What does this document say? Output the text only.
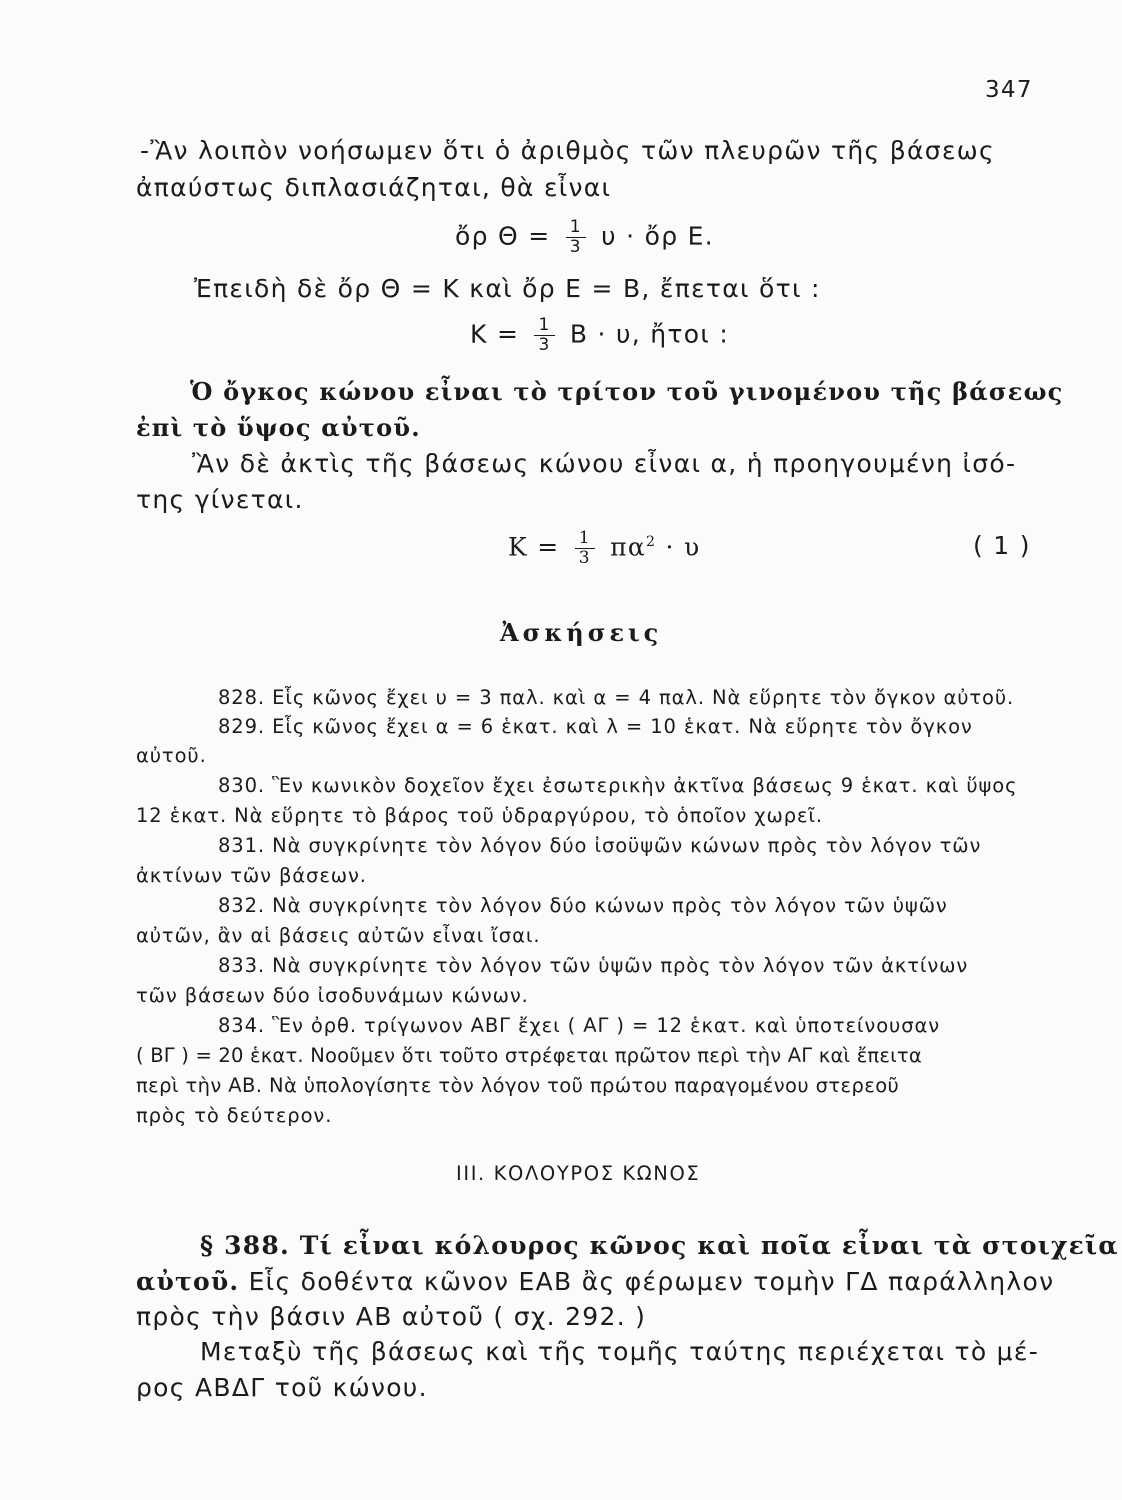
347
-Ἂν λοιπὸν νοήσωμεν ὅτι ὁ ἀριθμὸς τῶν πλευρῶν τῆς βάσεως
ἀπαύστως διπλασιάζηται, θὰ εἶναι
ὄρ $\Theta = \frac{1}{3}$ υ · ὄρ Ε.
Ἐπειδὴ δὲ ὄρ Θ = Κ καὶ ὄρ Ε = Β, ἔπεται ὅτι :
$K = \frac{1}{3}$ Β · υ, ἤτοι :
Ὁ ὄγκος κώνου εἶναι τὸ τρίτον τοῦ γινομένου τῆς βάσεως
ἐπὶ τὸ ὕψος αὐτοῦ.
Ἂν δὲ ἀκτὶς τῆς βάσεως κώνου εἶναι α, ἡ προηγουμένη ἰσό-
της γίνεται.
$K = \frac{1}{3} \pi\alpha^2 \cdot \upsilon$	( 1 )
Ἀσκήσεις
828. Εἷς κῶνος ἔχει υ = 3 παλ. καὶ α = 4 παλ. Νὰ εὕρητε τὸν ὄγκον αὐτοῦ.
829. Εἷς κῶνος ἔχει α = 6 ἑκατ. καὶ λ = 10 ἑκατ. Νὰ εὕρητε τὸν ὄγκον
αὐτοῦ.
830. Ἓν κωνικὸν δοχεῖον ἔχει ἐσωτερικὴν ἀκτῖνα βάσεως 9 ἑκατ. καὶ ὕψος
12 ἑκατ. Νὰ εὕρητε τὸ βάρος τοῦ ὑδραργύρου, τὸ ὁποῖον χωρεῖ.
831. Νὰ συγκρίνητε τὸν λόγον δύο ἰσοϋψῶν κώνων πρὸς τὸν λόγον τῶν
ἀκτίνων τῶν βάσεων.
832. Νὰ συγκρίνητε τὸν λόγον δύο κώνων πρὸς τὸν λόγον τῶν ὑψῶν
αὐτῶν, ἂν αἱ βάσεις αὐτῶν εἶναι ἴσαι.
833. Νὰ συγκρίνητε τὸν λόγον τῶν ὑψῶν πρὸς τὸν λόγον τῶν ἀκτίνων
τῶν βάσεων δύο ἰσοδυνάμων κώνων.
834. Ἓν ὀρθ. τρίγωνον ΑΒΓ ἔχει ( ΑΓ ) = 12 ἑκατ. καὶ ὑποτείνουσαν
( ΒΓ ) = 20 ἑκατ. Νοοῦμεν ὅτι τοῦτο στρέφεται πρῶτον περὶ τὴν ΑΓ καὶ ἔπειτα
περὶ τὴν ΑΒ. Νὰ ὑπολογίσητε τὸν λόγον τοῦ πρώτου παραγομένου στερεοῦ
πρὸς τὸ δεύτερον.
III. ΚΟΛΟΥΡΟΣ ΚΩΝΟΣ
§ 388. Τί εἶναι κόλουρος κῶνος καὶ ποῖα εἶναι τὰ στοιχεῖα
αὐτοῦ. Εἷς δοθέντα κῶνον ΕΑΒ ἂς φέρωμεν τομὴν ΓΔ παράλληλον
πρὸς τὴν βάσιν ΑΒ αὐτοῦ ( σχ. 292. )
Μεταξὺ τῆς βάσεως καὶ τῆς τομῆς ταύτης περιέχεται τὸ μέ-
ρος ΑΒΔΓ τοῦ κώνου.
